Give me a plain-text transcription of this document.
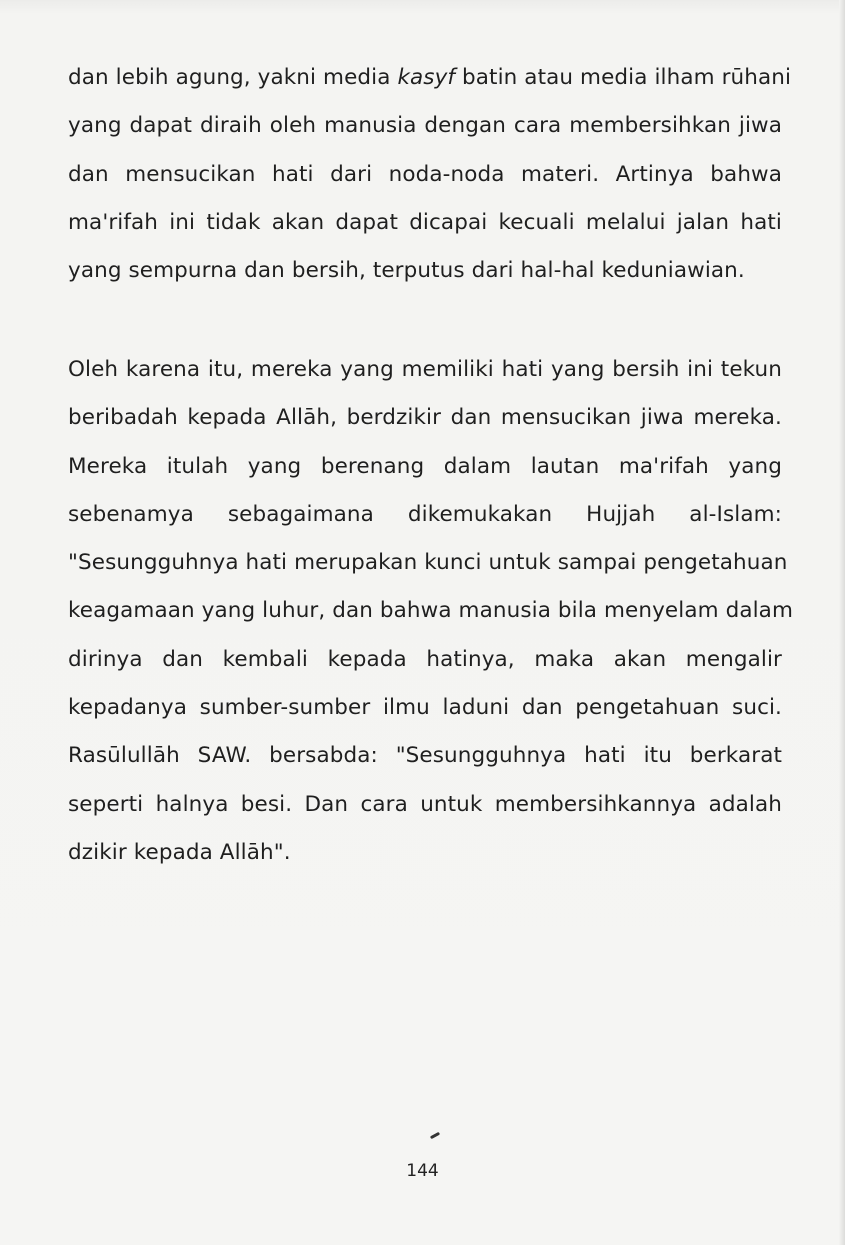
dan lebih agung, yakni media kasyf batin atau media ilham rūhani
yang dapat diraih oleh manusia dengan cara membersihkan jiwa
dan mensucikan hati dari noda-noda materi. Artinya bahwa
ma'rifah ini tidak akan dapat dicapai kecuali melalui jalan hati
yang sempurna dan bersih, terputus dari hal-hal keduniawian.
Oleh karena itu, mereka yang memiliki hati yang bersih ini tekun
beribadah kepada Allāh, berdzikir dan mensucikan jiwa mereka.
Mereka itulah yang berenang dalam lautan ma'rifah yang
sebenamya sebagaimana dikemukakan Hujjah al-Islam:
"Sesungguhnya hati merupakan kunci untuk sampai pengetahuan
keagamaan yang luhur, dan bahwa manusia bila menyelam dalam
dirinya dan kembali kepada hatinya, maka akan mengalir
kepadanya sumber-sumber ilmu laduni dan pengetahuan suci.
Rasūlullāh SAW. bersabda: "Sesungguhnya hati itu berkarat
seperti halnya besi. Dan cara untuk membersihkannya adalah
dzikir kepada Allāh".
144
